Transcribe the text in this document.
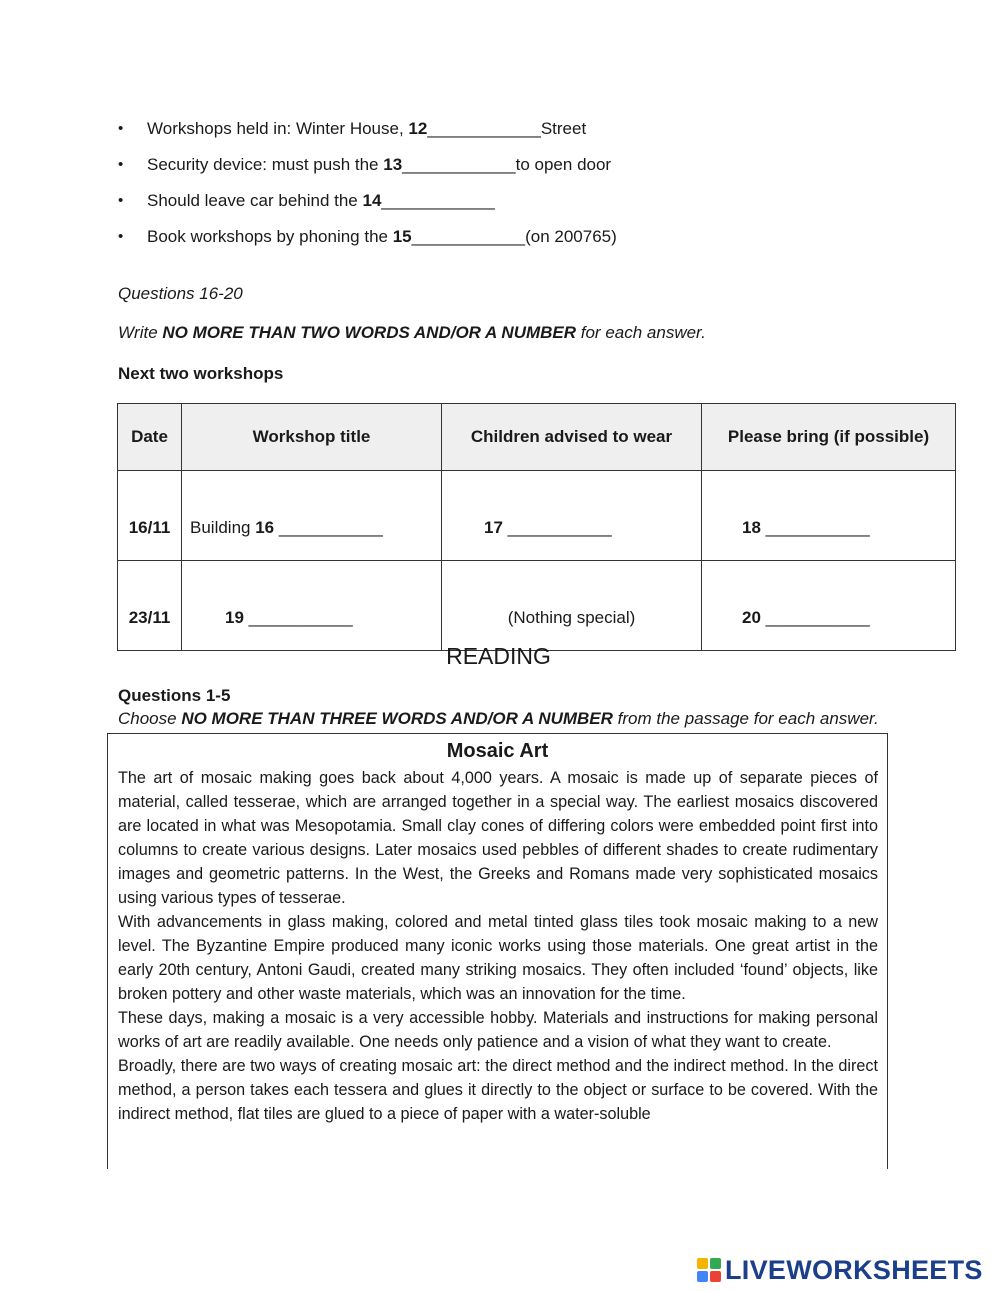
• Workshops held in: Winter House, 12____________Street
• Security device: must push the 13____________to open door
• Should leave car behind the 14____________
• Book workshops by phoning the 15____________(on 200765)
Questions 16-20
Write NO MORE THAN TWO WORDS AND/OR A NUMBER for each answer.
Next two workshops
Date	Workshop title	Children advised to wear	Please bring (if possible)
16/11	Building 16 ___________	17 ___________	18 ___________
23/11	19 ___________	(Nothing special)	20 ___________
READING
Questions 1-5
Choose NO MORE THAN THREE WORDS AND/OR A NUMBER from the passage for each answer.
Mosaic Art

The art of mosaic making goes back about 4,000 years. A mosaic is made up of separate pieces of material, called tesserae, which are arranged together in a special way. The earliest mosaics discovered are located in what was Mesopotamia. Small clay cones of differing colors were embedded point first into columns to create various designs. Later mosaics used pebbles of different shades to create rudimentary images and geometric patterns. In the West, the Greeks and Romans made very sophisticated mosaics using various types of tesserae.

With advancements in glass making, colored and metal tinted glass tiles took mosaic making to a new level. The Byzantine Empire produced many iconic works using those materials. One great artist in the early 20th century, Antoni Gaudi, created many striking mosaics. They often included ‘found’ objects, like broken pottery and other waste materials, which was an innovation for the time.

These days, making a mosaic is a very accessible hobby. Materials and instructions for making personal works of art are readily available. One needs only patience and a vision of what they want to create.

Broadly, there are two ways of creating mosaic art: the direct method and the indirect method. In the direct method, a person takes each tessera and glues it directly to the object or surface to be covered. With the indirect method, flat tiles are glued to a piece of paper with a water-soluble

LIVEWORKSHEETS
